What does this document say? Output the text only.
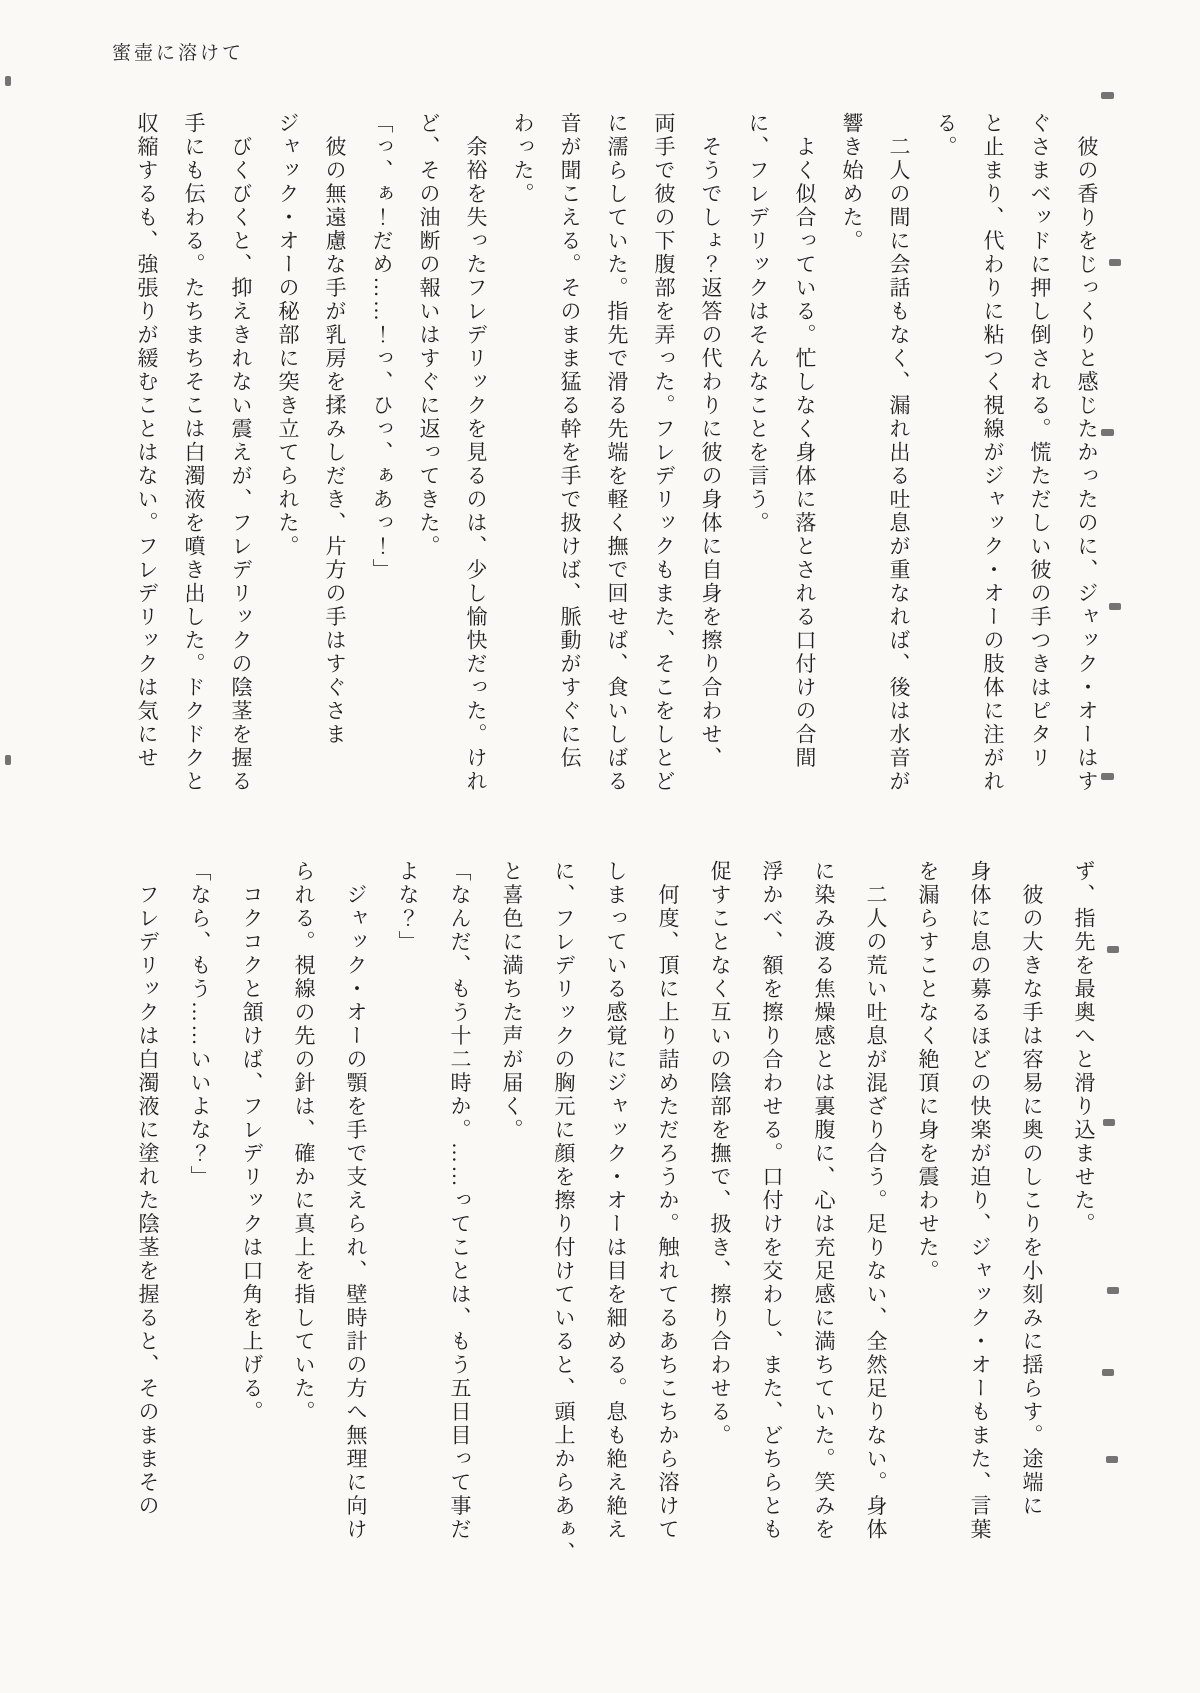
蜜壺に溶けて
　彼の香りをじっくりと感じたかったのに、ジャック・オーはす
ぐさまベッドに押し倒される。慌ただしい彼の手つきはピタリ
と止まり、代わりに粘つく視線がジャック・オーの肢体に注がれ
る。
　二人の間に会話もなく、漏れ出る吐息が重なれば、後は水音が
響き始めた。
　よく似合っている。忙しなく身体に落とされる口付けの合間
に、フレデリックはそんなことを言う。
　そうでしょ？返答の代わりに彼の身体に自身を擦り合わせ、
両手で彼の下腹部を弄った。フレデリックもまた、そこをしとど
に濡らしていた。指先で滑る先端を軽く撫で回せば、食いしばる
音が聞こえる。そのまま猛る幹を手で扱けば、脈動がすぐに伝
わった。
　余裕を失ったフレデリックを見るのは、少し愉快だった。けれ
ど、その油断の報いはすぐに返ってきた。
「っ、ぁ！だめ……！っ、ひっ、ぁあっ！」
　彼の無遠慮な手が乳房を揉みしだき、片方の手はすぐさま
ジャック・オーの秘部に突き立てられた。
　びくびくと、抑えきれない震えが、フレデリックの陰茎を握る
手にも伝わる。たちまちそこは白濁液を噴き出した。ドクドクと
収縮するも、強張りが緩むことはない。フレデリックは気にせ
ず、指先を最奥へと滑り込ませた。
　彼の大きな手は容易に奥のしこりを小刻みに揺らす。途端に
身体に息の募るほどの快楽が迫り、ジャック・オーもまた、言葉
を漏らすことなく絶頂に身を震わせた。
　二人の荒い吐息が混ざり合う。足りない、全然足りない。身体
に染み渡る焦燥感とは裏腹に、心は充足感に満ちていた。笑みを
浮かべ、額を擦り合わせる。口付けを交わし、また、どちらとも
促すことなく互いの陰部を撫で、扱き、擦り合わせる。
　何度、頂に上り詰めただろうか。触れてるあちこちから溶けて
しまっている感覚にジャック・オーは目を細める。息も絶え絶え
に、フレデリックの胸元に顔を擦り付けていると、頭上からあぁ、
と喜色に満ちた声が届く。
「なんだ、もう十二時か。……ってことは、もう五日目って事だ
よな？」
　ジャック・オーの顎を手で支えられ、壁時計の方へ無理に向け
られる。視線の先の針は、確かに真上を指していた。
　コクコクと頷けば、フレデリックは口角を上げる。
「なら、もう……いいよな？」
　フレデリックは白濁液に塗れた陰茎を握ると、そのままその
